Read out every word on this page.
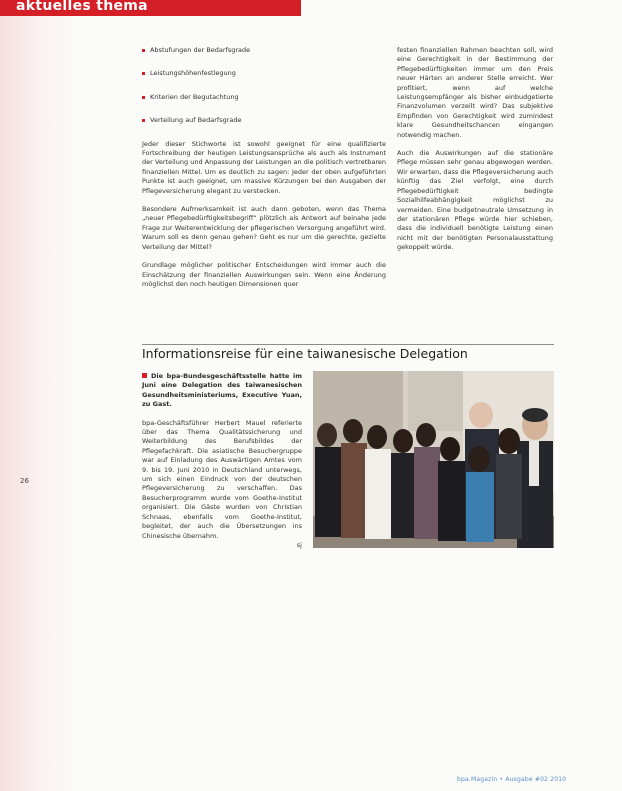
aktuelles thema
26
Abstufungen der Bedarfsgrade
Leistungshöhenfestlegung
Kriterien der Begutachtung
Verteilung auf Bedarfsgrade

Jeder dieser Stichworte ist sowohl geeignet für eine qualifizierte Fortschreibung der heutigen Leistungsansprüche als auch als Instrument der Verteilung und Anpassung der Leistungen an die politisch vertretbaren finanziellen Mittel. Um es deutlich zu sagen: Jeder der oben aufgeführten Punkte ist auch geeignet, um massive Kürzungen bei den Ausgaben der Pflegeversicherung elegant zu verstecken.

Besondere Aufmerksamkeit ist auch dann geboten, wenn das Thema „neuer Pflegebedürftigkeitsbegriff“ plötzlich als Antwort auf beinahe jede Frage zur Weiterentwicklung der pflegerischen Versorgung angeführt wird. Warum soll es denn genau gehen? Geht es nur um die gerechte, gezielte Verteilung der Mittel?

Grundlage möglicher politischer Entscheidungen wird immer auch die Einschätzung der finanziellen Auswirkungen sein. Wenn eine Änderung möglichst den noch heutigen Dimensionen quer

festen finanziellen Rahmen beachten soll, wird eine Gerechtigkeit in der Bestimmung der Pflegebedürftigkeiten immer um den Preis neuer Härten an anderer Stelle erreicht. Wer profitiert, wenn auf welche Leistungsempfänger als bisher einbudgetierte Finanzvolumen verzeilt wird? Das subjektive Empfinden von Gerechtigkeit wird zumindest klare Gesundheitschancen eingangen notwendig machen.

Auch die Auswirkungen auf die stationäre Pflege müssen sehr genau abgewogen werden. Wir erwarten, dass die Pflegeversicherung auch künftig das Ziel verfolgt, eine durch Pflegebedürftigkeit bedingte Sozialhilfeabhängigkeit möglichst zu vermeiden. Eine budgetneutrale Umsetzung in der stationären Pflege würde hier schieben, dass die individuell benötigte Leistung einen nicht mit der benötigten Personalausstattung gekoppelt würde.

Informationsreise für eine taiwanesische Delegation

Die bpa-Bundesgeschäftsstelle hatte im Juni eine Delegation des taiwanesischen Gesundheitsministeriums, Executive Yuan, zu Gast.

bpa-Geschäftsführer Herbert Mauel referierte über das Thema Qualitätssicherung und Weiterbildung des Berufsbildes der Pflegefachkraft. Die asiatische Besuchergruppe war auf Einladung des Auswärtigen Amtes vom 9. bis 19. Juni 2010 in Deutschland unterwegs, um sich einen Eindruck von der deutschen Pflegeversicherung zu verschaffen. Das Besucherprogramm wurde vom Goethe-Institut organisiert. Die Gäste wurden von Christian Schnaas, ebenfalls vom Goethe-Institut, begleitet, der auch die Übersetzungen ins Chinesische übernahm.

sj
bpa.Magazin • Ausgabe #02 2010
